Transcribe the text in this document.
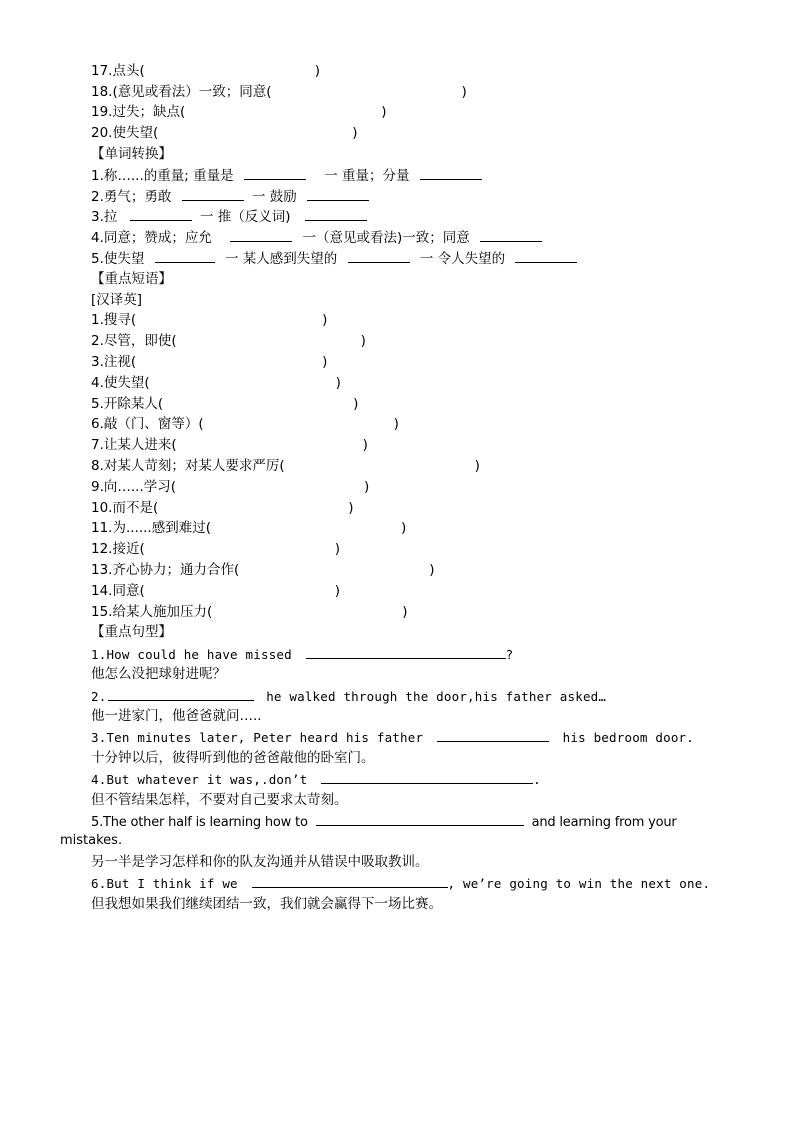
17.点头(	)
18.(意见或看法）一致；同意(	)
19.过失；缺点(	)
20.使失望(	)
【单词转换】
1.称…...的重量; 重量是	一 重量；分量
2.勇气；勇敢	一 鼓励
3.拉	一 推（反义词)
4.同意；赞成；应允	一（意见或看法)一致；同意
5.使失望	一 某人感到失望的	一 令人失望的
【重点短语】
[汉译英]
1.搜寻(	)
2.尽管，即使(	)
3.注视(	)
4.使失望(	)
5.开除某人(	)
6.敲（门、窗等）(	)
7.让某人进来(	)
8.对某人苛刻；对某人要求严厉(	)
9.向…...学习(	)
10.而不是(	)
11.为......感到难过(	)
12.接近(	)
13.齐心协力；通力合作(	)
14.同意(	)
15.给某人施加压力(	)
【重点句型】
1.How could he have missed	?
他怎么没把球射进呢？
2.	he walked through the door,his father asked…
他一进家门，他爸爸就问…..
3.Ten minutes later, Peter heard his father	his bedroom door.
十分钟以后，彼得听到他的爸爸敲他的卧室门。
4.But whatever it was,.don’t	.
但不管结果怎样，不要对自己要求太苛刻。
5.The other half is learning how to	and learning from your
mistakes.
另一半是学习怎样和你的队友沟通并从错误中吸取教训。
6.But I think if we	, we’re going to win the next one.
但我想如果我们继续团结一致，我们就会赢得下一场比赛。
